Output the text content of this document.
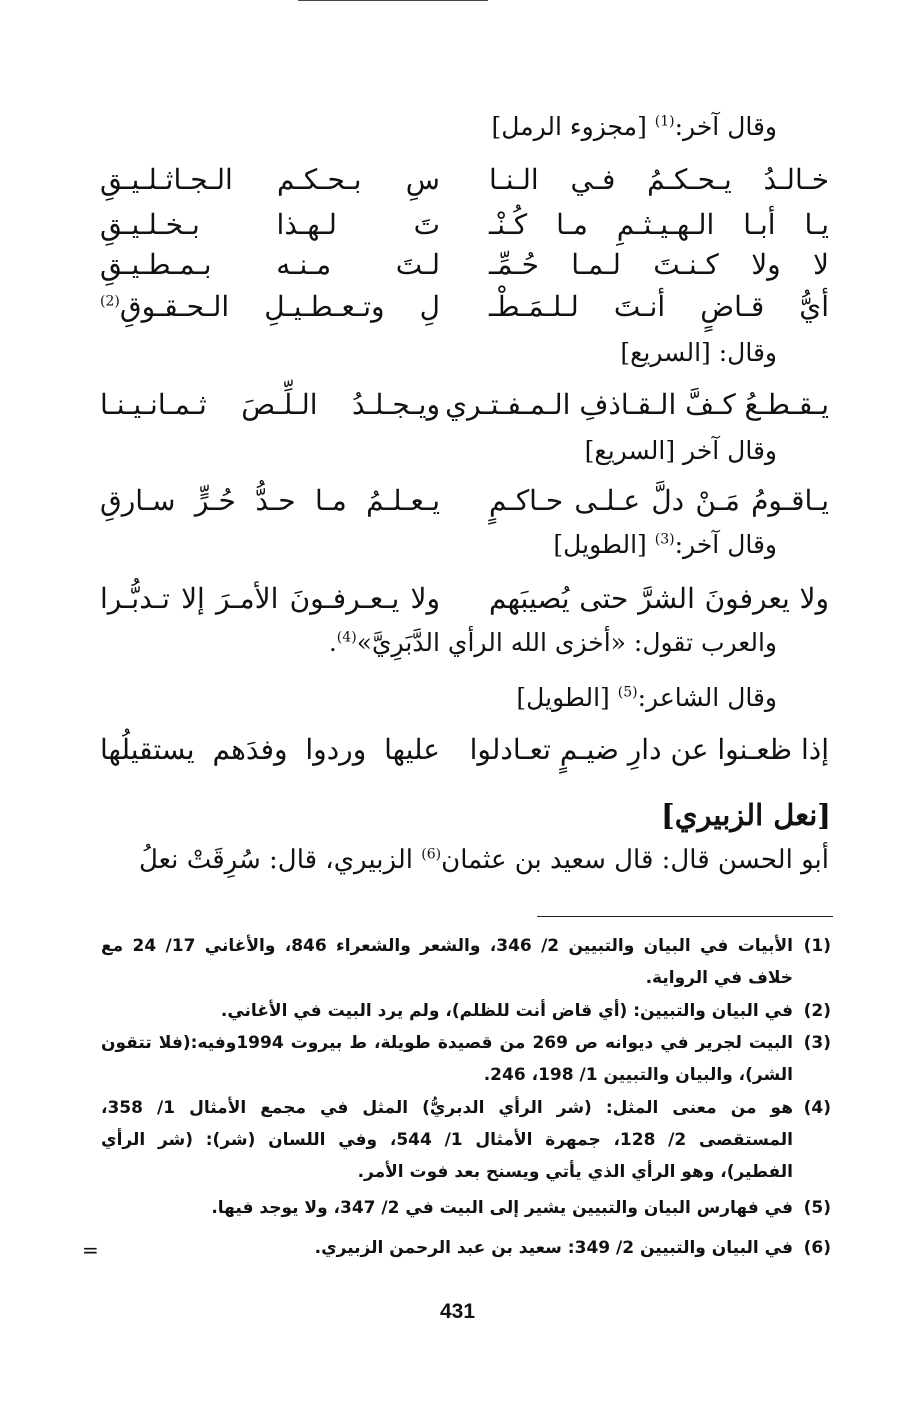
وقال آخر:$^{(1)}$ [مجزوء الرمل]
خـالـدُ يـحـكـمُ فـي الـنـا
سِ بـحـكـم الـجـاثـلـيـقِ
يـا أبـا الـهـيـثـمِ مـا كُـنْـ
تَ لـهـذا بـخـلـيـقِ
لا ولا كـنـتَ لـمـا حُـمِّـ
لـتَ مـنـه بـمـطـيـقِ
أيُّ قـاضٍ أنـتَ لـلـمَـطْـ
لِ وتـعـطـيـلِ الـحـقـوقِ$^{(2)}$
وقال: [السريع]
يـقـطـعُ كـفَّ الـقـاذفِ الـمـفـتـري
ويـجـلـدُ الـلِّـصَ ثـمـانـيـنـا
وقال آخر [السريع]
يـاقـومُ مَـنْ دلَّ عـلـى حـاكـمٍ
يـعـلـمُ مـا حـدُّ حُـرٍّ سـارقِ
وقال آخر:$^{(3)}$ [الطويل]
ولا يعرفونَ الشرَّ حتى يُصيبَهم
ولا يـعـرفـونَ الأمـرَ إلا تـدبُّـرا
والعرب تقول: «أخزى الله الرأي الدَّبَرِيَّ»$^{(4)}$.
وقال الشاعر:$^{(5)}$ [الطويل]
إذا ظعـنوا عن دارِ ضيـمٍ تعـادلوا
عليها وردوا وفدَهم يستقيلُها
[نعل الزبيري]
أبو الحسن قال: قال سعيد بن عثمان$^{(6)}$ الزبيري، قال: سُرِقَتْ نعلُ
(1)
الأبيات في البيان والتبيين 2/ 346، والشعر والشعراء 846، والأغاني 17/ 24 مع خلاف في الرواية.
(2)
في البيان والتبيين: (أي قاض أنت للظلم)، ولم يرد البيت في الأغاني.
(3)
البيت لجرير في ديوانه ص 269 من قصيدة طويلة، ط بيروت 1994وفيه:(فلا تتقون الشر)، والبيان والتبيين 1/ 198، 246.
(4)
هو من معنى المثل: (شر الرأي الدبريُّ) المثل في مجمع الأمثال 1/ 358، المستقصى 2/ 128، جمهرة الأمثال 1/ 544، وفي اللسان (شر): (شر الرأي الفطير)، وهو الرأي الذي يأتي ويسنح بعد فوت الأمر.
(5)
في فهارس البيان والتبيين يشير إلى البيت في 2/ 347، ولا يوجد فيها.
(6)
في البيان والتبيين 2/ 349: سعيد بن عبد الرحمن الزبيري.
=
431
